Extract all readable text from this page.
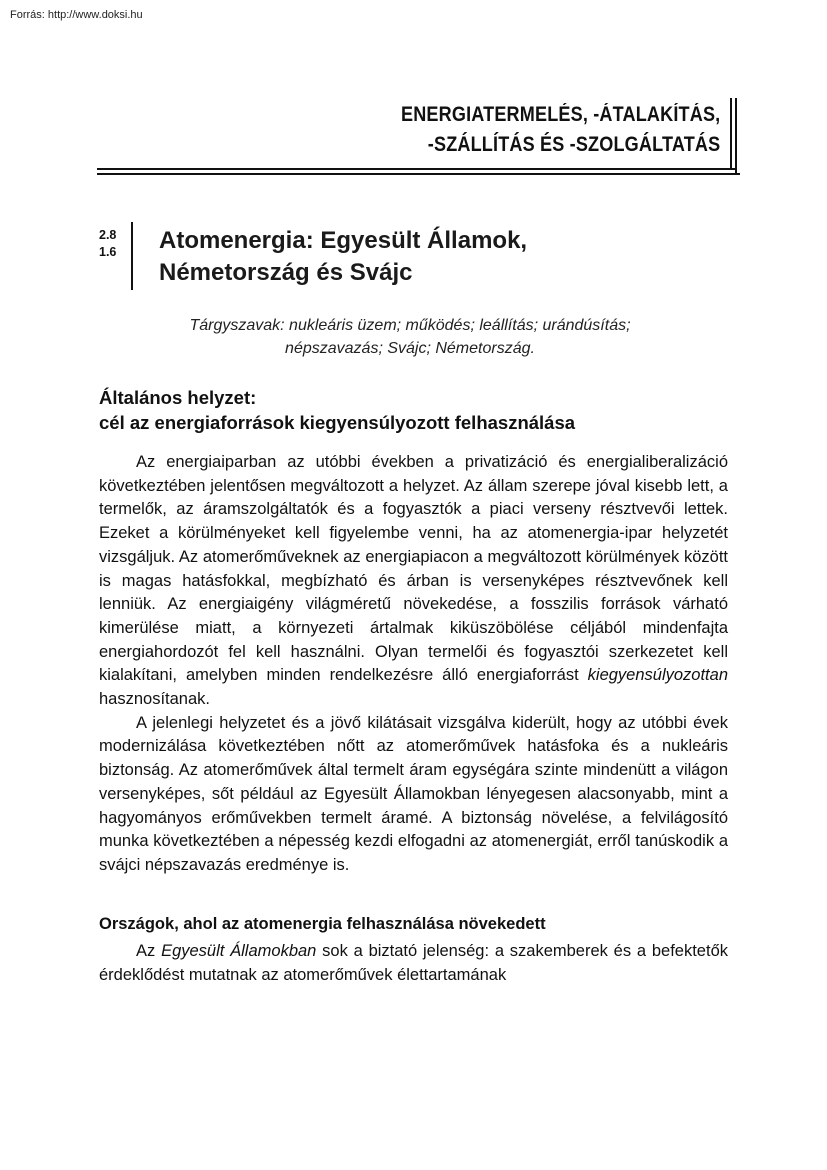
Forrás: http://www.doksi.hu
ENERGIATERMELÉS, -ÁTALAKÍTÁS,
-SZÁLLÍTÁS ÉS -SZOLGÁLTATÁS
2.8
1.6 Atomenergia: Egyesült Államok,
Németország és Svájc
Tárgyszavak: nukleáris üzem; működés; leállítás; urándúsítás;
népszavazás; Svájc; Németország.
Általános helyzet:
cél az energiaforrások kiegyensúlyozott felhasználása

Az energiaiparban az utóbbi években a privatizáció és energialiberalizáció következtében jelentősen megváltozott a helyzet. Az állam szerepe jóval kisebb lett, a termelők, az áramszolgáltatók és a fogyasztók a piaci verseny résztvevői lettek. Ezeket a körülményeket kell figyelembe venni, ha az atomenergia-ipar helyzetét vizsgáljuk. Az atomerőműveknek az energiapiacon a megváltozott körülmények között is magas hatásfokkal, megbízható és árban is versenyképes résztvevőnek kell lenniük. Az energiaigény világméretű növekedése, a fosszilis források várható kimerülése miatt, a környezeti ártalmak kiküszöbölése céljából mindenfajta energiahordozót fel kell használni. Olyan termelői és fogyasztói szerkezetet kell kialakítani, amelyben minden rendelkezésre álló energiaforrást kiegyensúlyozottan hasznosítanak.

A jelenlegi helyzetet és a jövő kilátásait vizsgálva kiderült, hogy az utóbbi évek modernizálása következtében nőtt az atomerőművek hatásfoka és a nukleáris biztonság. Az atomerőművek által termelt áram egységára szinte mindenütt a világon versenyképes, sőt például az Egyesült Államokban lényegesen alacsonyabb, mint a hagyományos erőművekben termelt áramé. A biztonság növelése, a felvilágosító munka következtében a népesség kezdi elfogadni az atomenergiát, erről tanúskodik a svájci népszavazás eredménye is.

Országok, ahol az atomenergia felhasználása növekedett

Az Egyesült Államokban sok a biztató jelenség: a szakemberek és a befektetők érdeklődést mutatnak az atomerőművek élettartamának
